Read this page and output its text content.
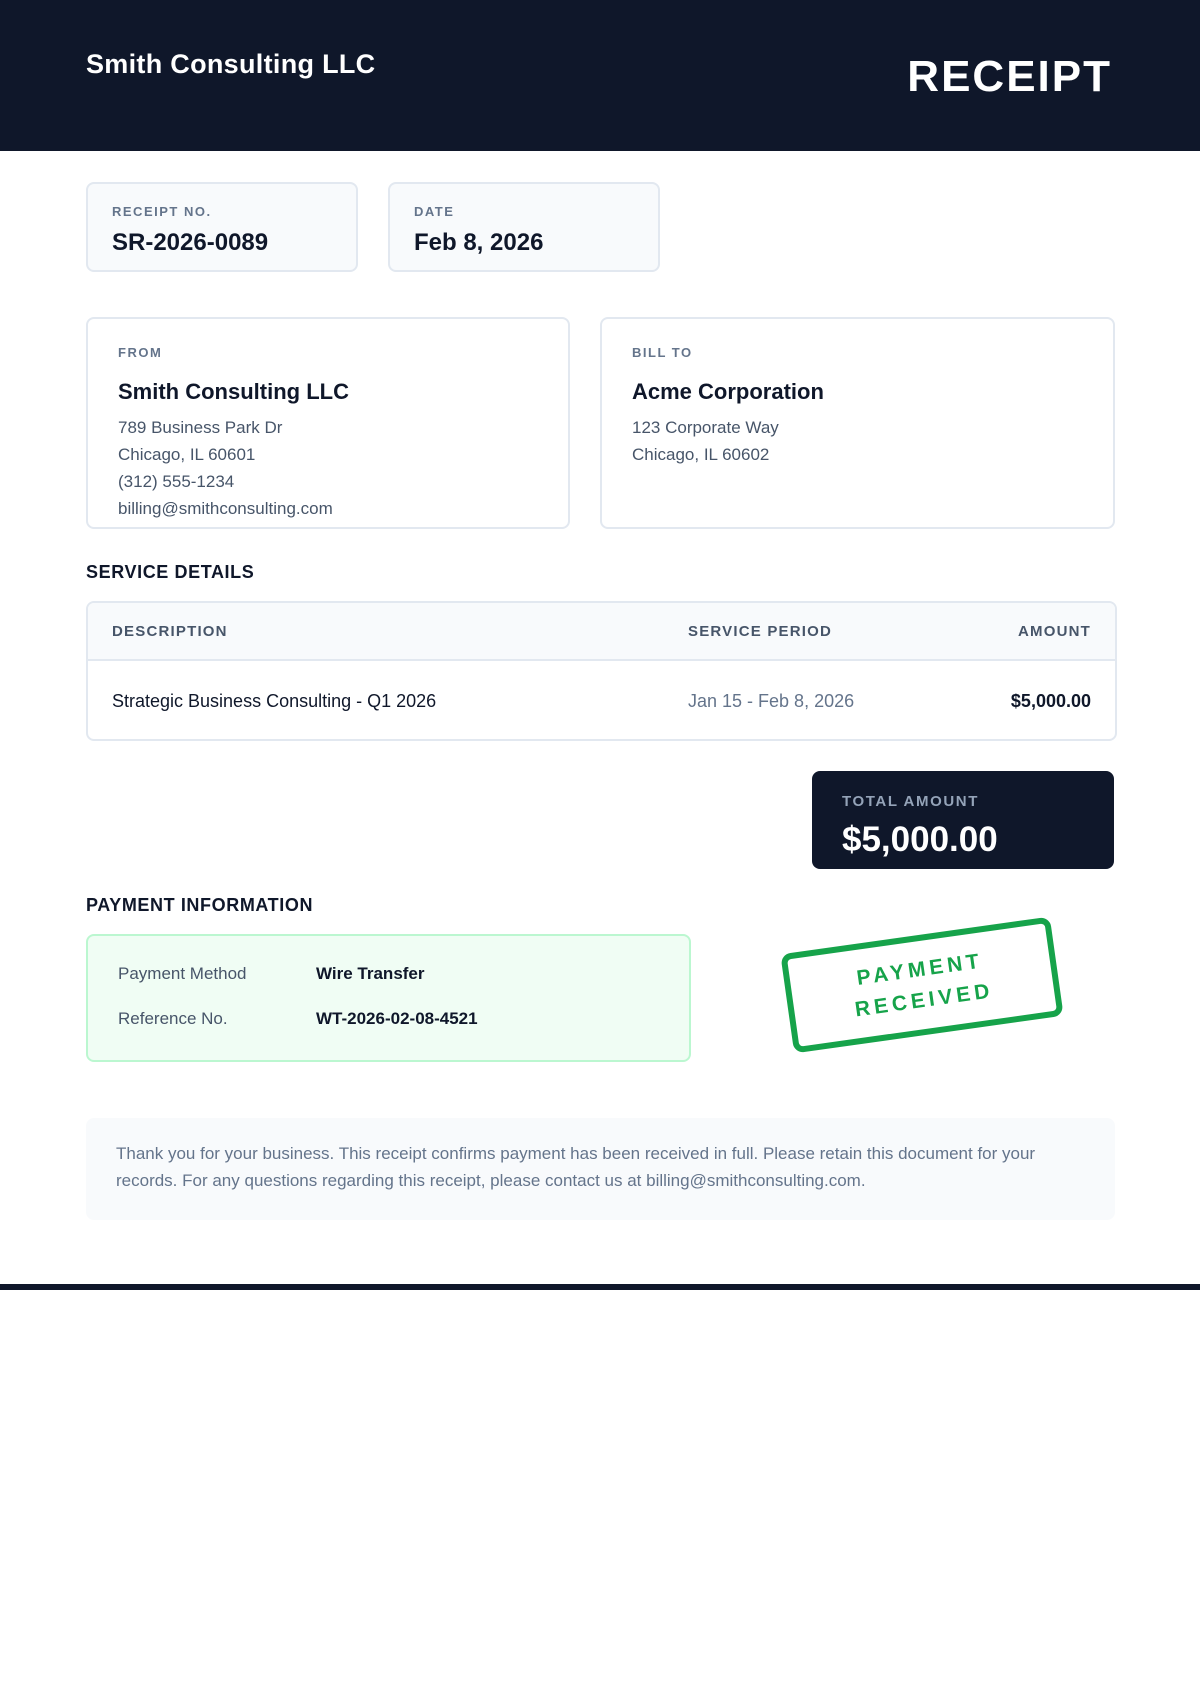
Smith Consulting LLC	RECEIPT
RECEIPT NO.
SR-2026-0089
DATE
Feb 8, 2026
FROM
Smith Consulting LLC
789 Business Park Dr
Chicago, IL 60601
(312) 555-1234
billing@smithconsulting.com
BILL TO
Acme Corporation
123 Corporate Way
Chicago, IL 60602
SERVICE DETAILS
DESCRIPTION	SERVICE PERIOD	AMOUNT
Strategic Business Consulting - Q1 2026	Jan 15 - Feb 8, 2026	$5,000.00
TOTAL AMOUNT
$5,000.00
PAYMENT INFORMATION
Payment Method	Wire Transfer
Reference No.	WT-2026-02-08-4521
PAYMENT
RECEIVED
Thank you for your business. This receipt confirms payment has been received in full. Please retain this document for your records. For any questions regarding this receipt, please contact us at billing@smithconsulting.com.
